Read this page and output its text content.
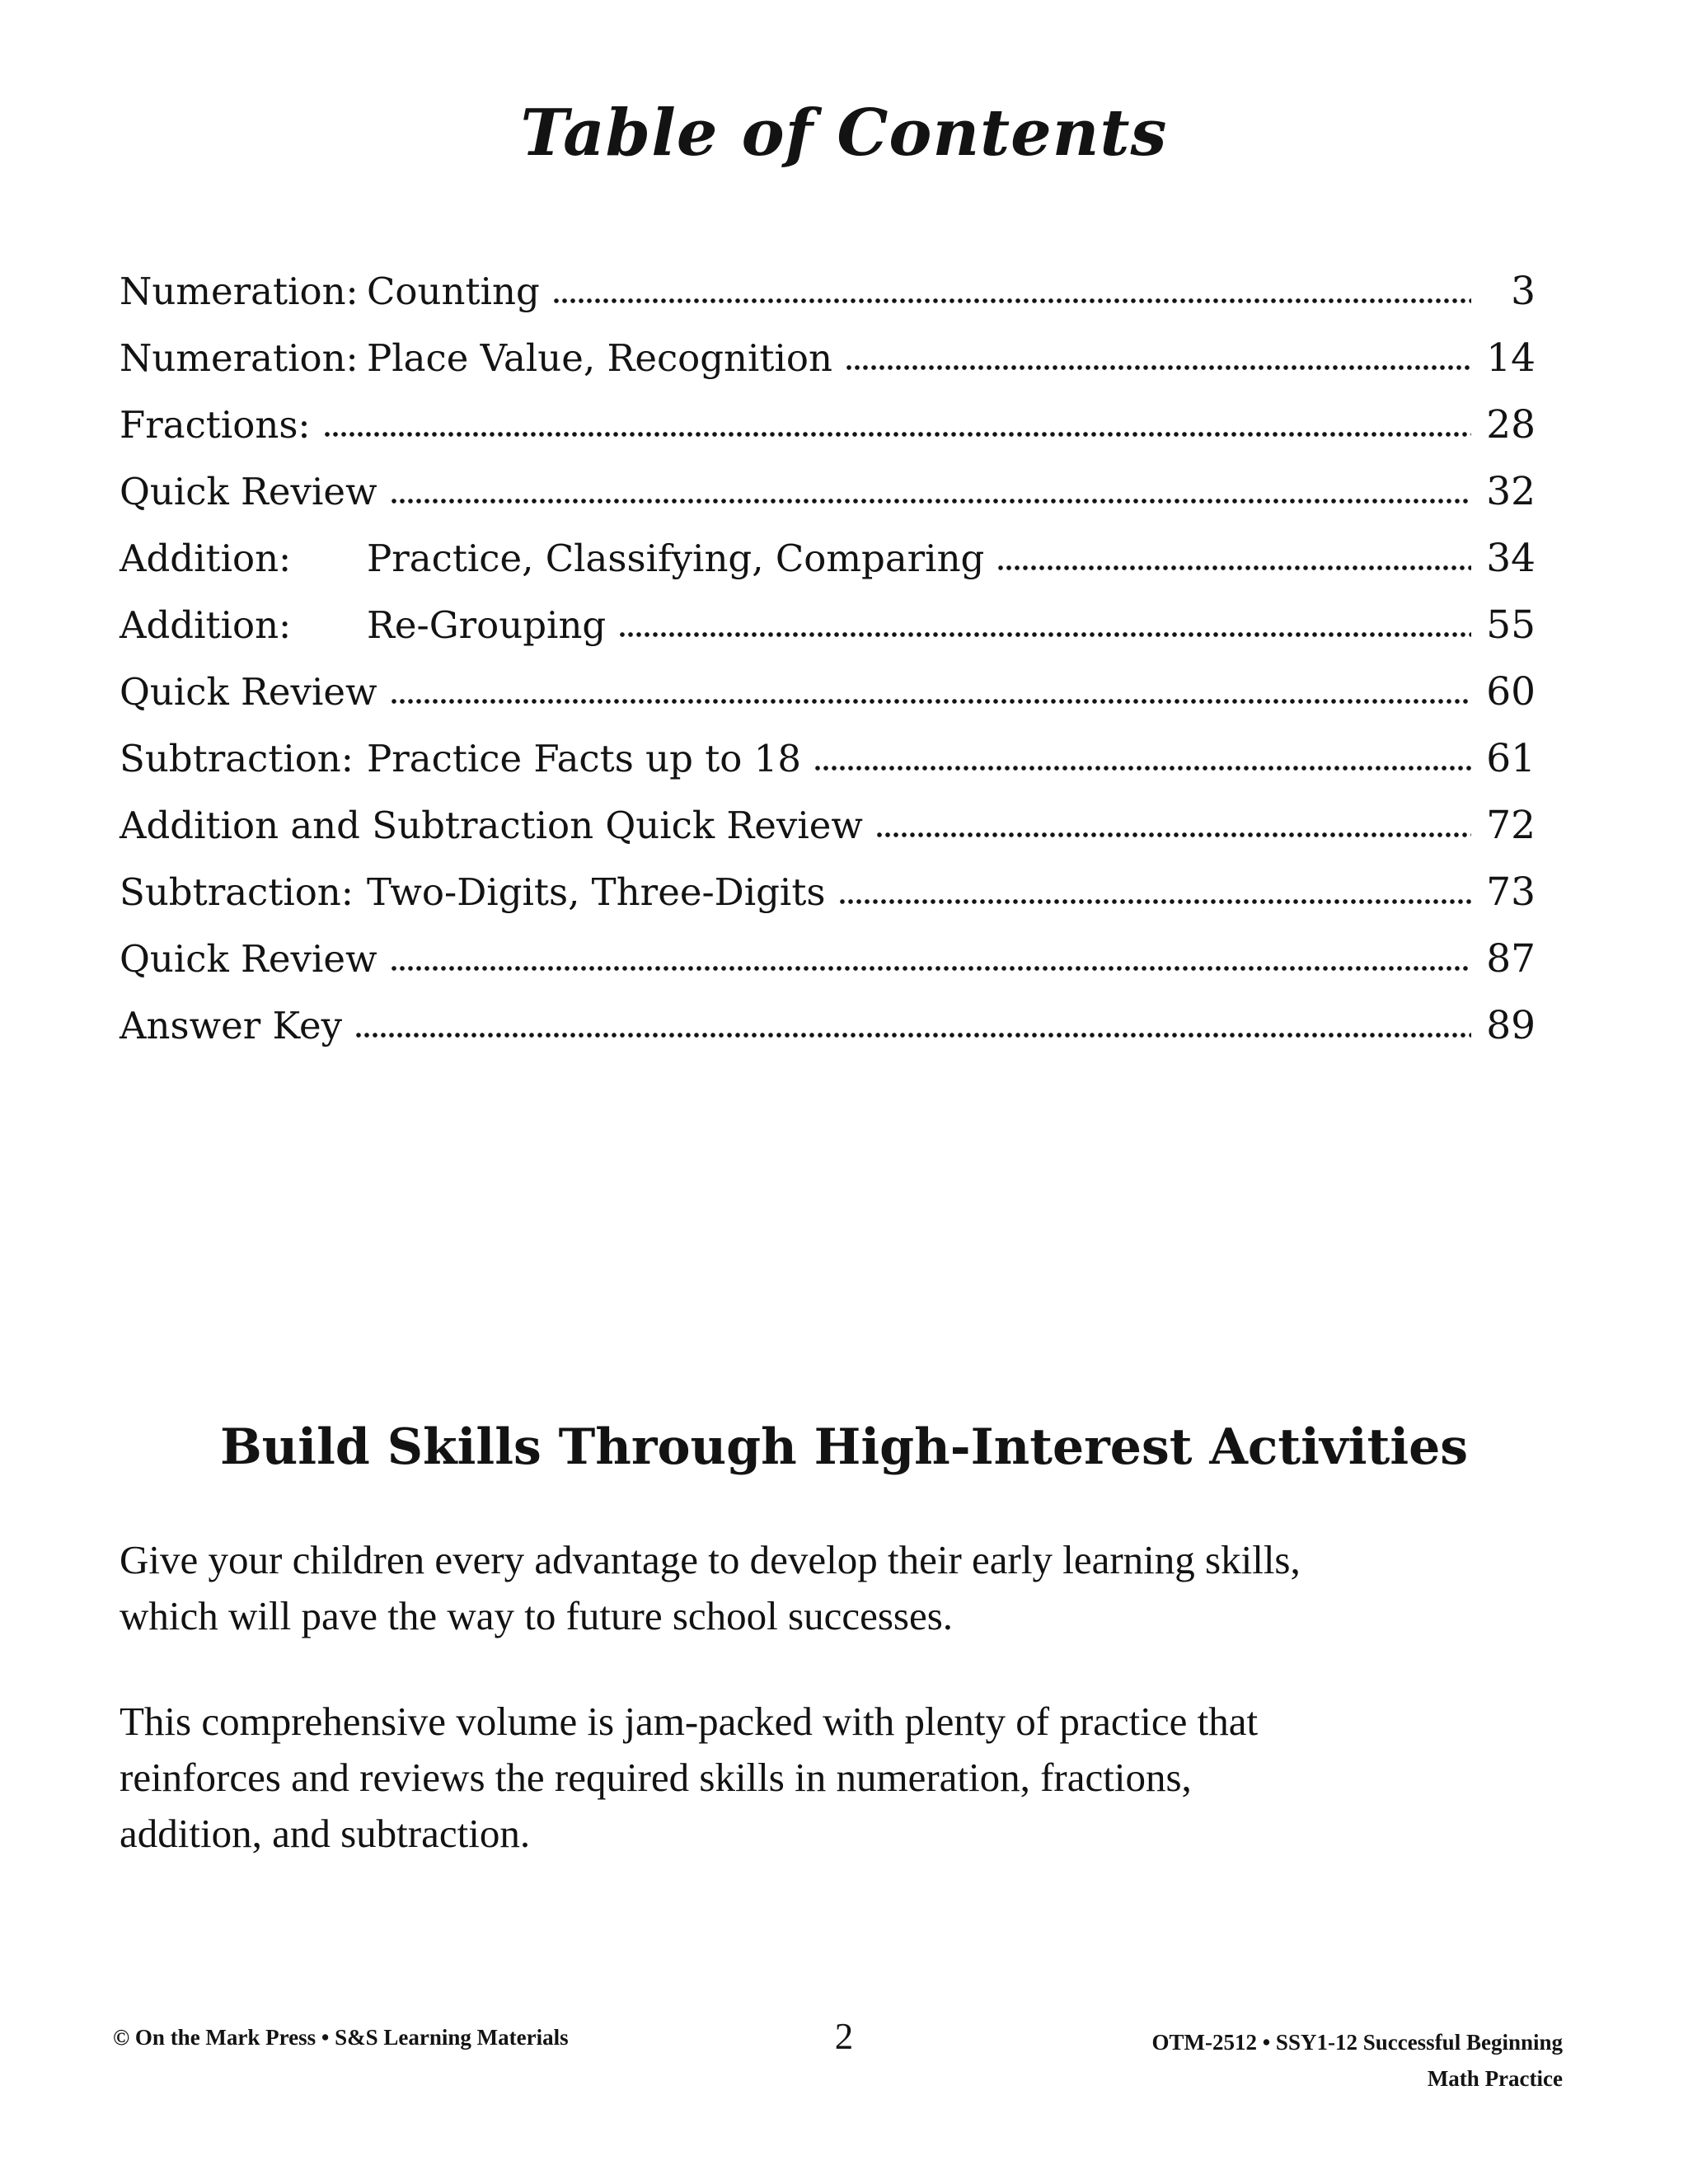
Table of Contents
Numeration: Counting	3
Numeration: Place Value, Recognition	14
Fractions:	28
Quick Review	32
Addition:	Practice, Classifying, Comparing	34
Addition:	Re-Grouping	55
Quick Review	60
Subtraction: Practice Facts up to 18	61
Addition and Subtraction Quick Review	72
Subtraction: Two-Digits, Three-Digits	73
Quick Review	87
Answer Key	89
Build Skills Through High-Interest Activities
Give your children every advantage to develop their early learning skills,
which will pave the way to future school successes.
This comprehensive volume is jam-packed with plenty of practice that
reinforces and reviews the required skills in numeration, fractions,
addition, and subtraction.
© On the Mark Press • S&S Learning Materials	2	OTM-2512 • SSY1-12 Successful Beginning
Math Practice
